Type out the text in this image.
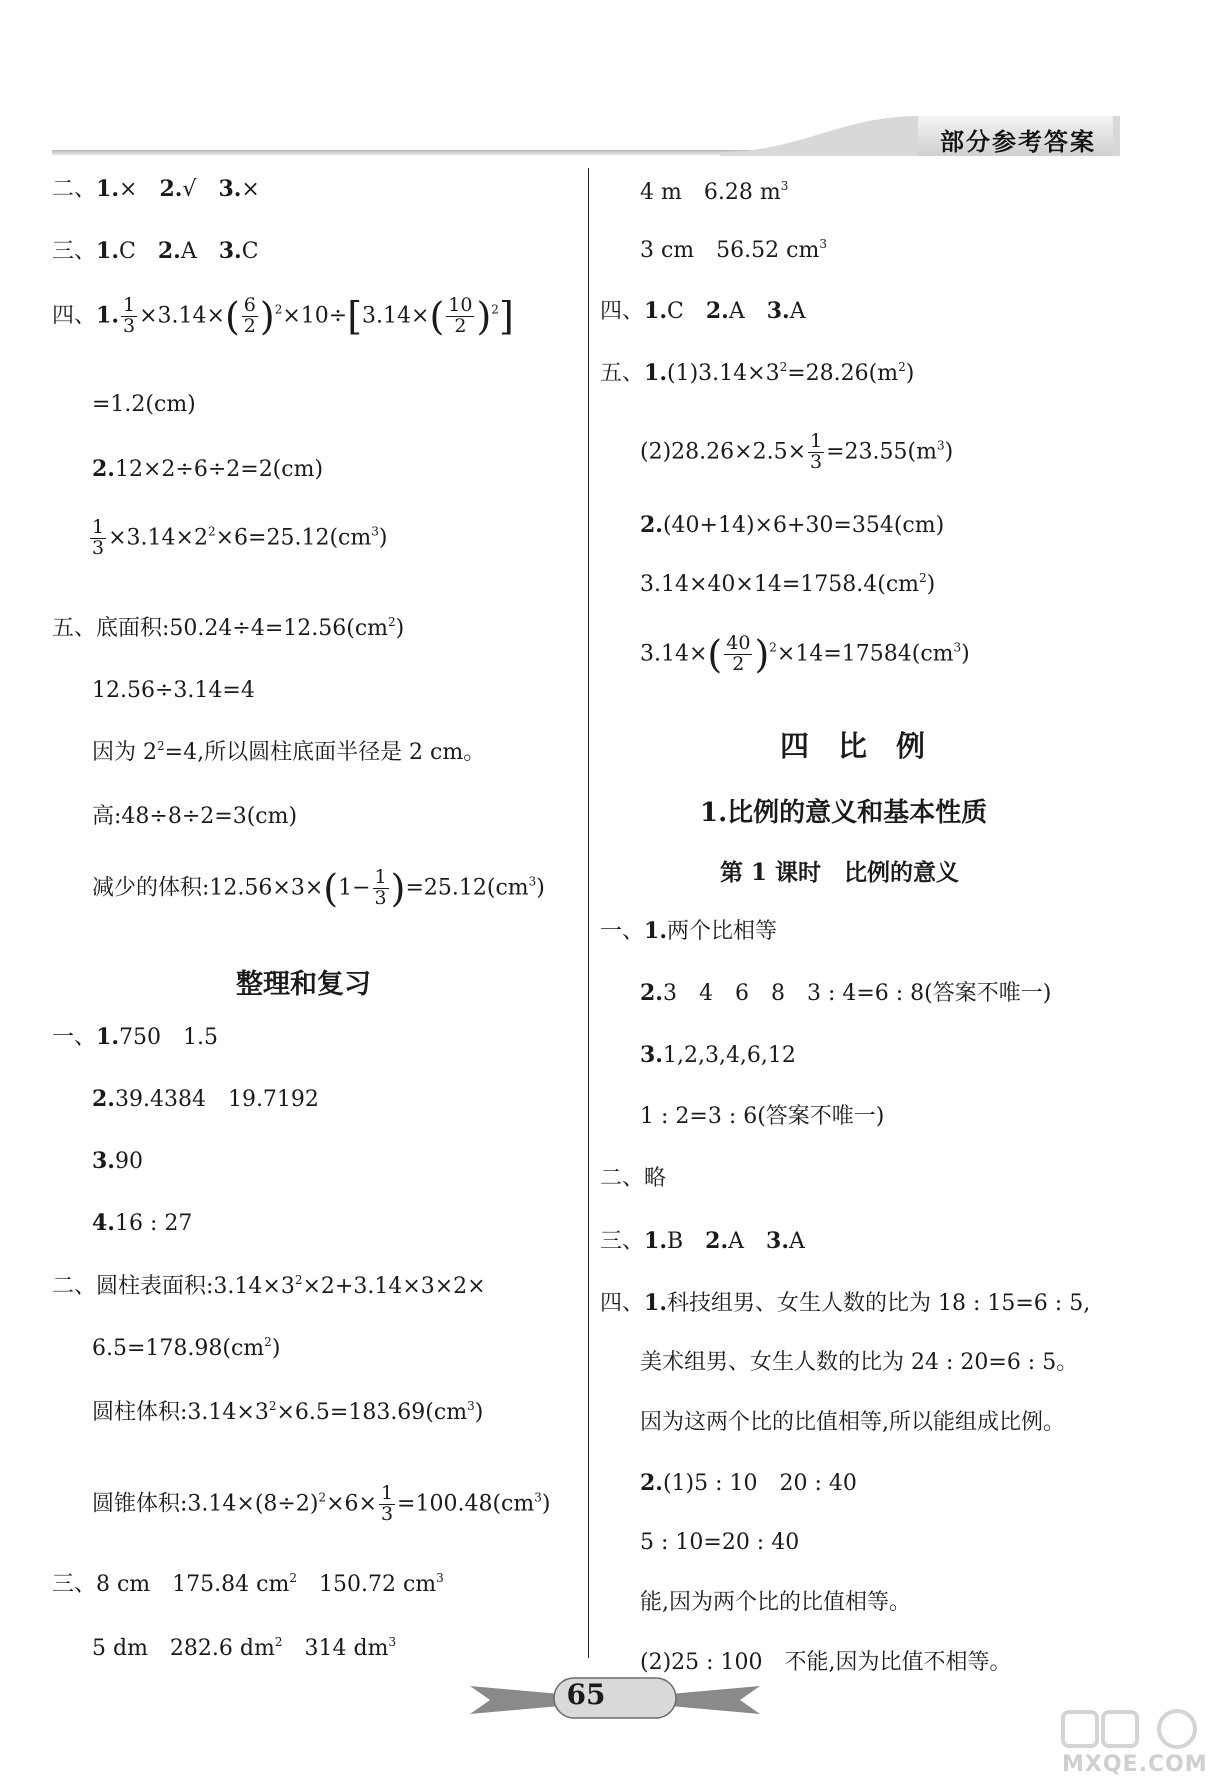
部分参考答案
二、1.×　 2.√　 3.×
三、1.C　 2.A　 3.C
四、1. $\frac{1}{3} \times 3.14\times( \frac{6}{2} )^2\times 10\div[3.14\times( \frac{10}{2} )^2]$
=1.2(cm)
2.12×2÷6÷2=2(cm)
$\frac{1}{3} \times 3.14\times 2^2\times 6=25.12(cm^3)$
五、底面积$:50.24\div 4=12.56(cm^2)$
12.56÷3.14=4
因为 $2^2=4$,所以圆柱底面半径是 2 cm。
高:48÷8÷2=3(cm)
减少的体积:12.56×3×(1− $\frac{1}{3} )=25.12(cm^3)$
整理和复习
一、1.750　1.5
2.39.4384　19.7192
3.90
4.16 : 27
二、圆柱表面积$:3.14\times 3^2\times 2+3.14\times 3\times 2\times$
$6.5=178.98(cm^2)$
圆柱体积$:3.14\times 3^2\times 6.5=183.69(cm^3)$
圆锥体积$:3.14\times(8\div 2)^2\times 6\times \frac{1}{3} =100.48(cm^3)$
三、8 cm　175.84 $cm^2$　150.72 $cm^3$
5 dm　282.6 $dm^2$　314 $dm^3$
4 m　6.28 $m^3$
3 cm　56.52 $cm^3$
四、1.C　 2.A　 3.A
五、$1.(1)3.14\times 3^2=28.26(m^2)$
$(2)28.26\times 2.5\times \frac{1}{3} =23.55(m^3)$
2.(40+14)×6+30=354(cm)
$3.14\times 40\times 14=1758.4(cm^2)$
$3.14\times( \frac{40}{2} )^2\times 14=17584(cm^3)$
四　比　例
1.比例的意义和基本性质
第 1 课时　比例的意义
一、1.两个比相等
2.3　4　6　8　3 : 4=6 : 8(答案不唯一)
3.1,2,3,4,6,12
1 : 2=3 : 6(答案不唯一)
二、略
三、1.B　 2.A　 3.A
四、1.科技组男、女生人数的比为 18 : 15=6 : 5,
美术组男、女生人数的比为 24 : 20=6 : 5。
因为这两个比的比值相等,所以能组成比例。
2.(1)5 : 10　20 : 40
5 : 10=20 : 40
能,因为两个比的比值相等。
(2)25 : 100　不能,因为比值不相等。
65
MXQE.COM
